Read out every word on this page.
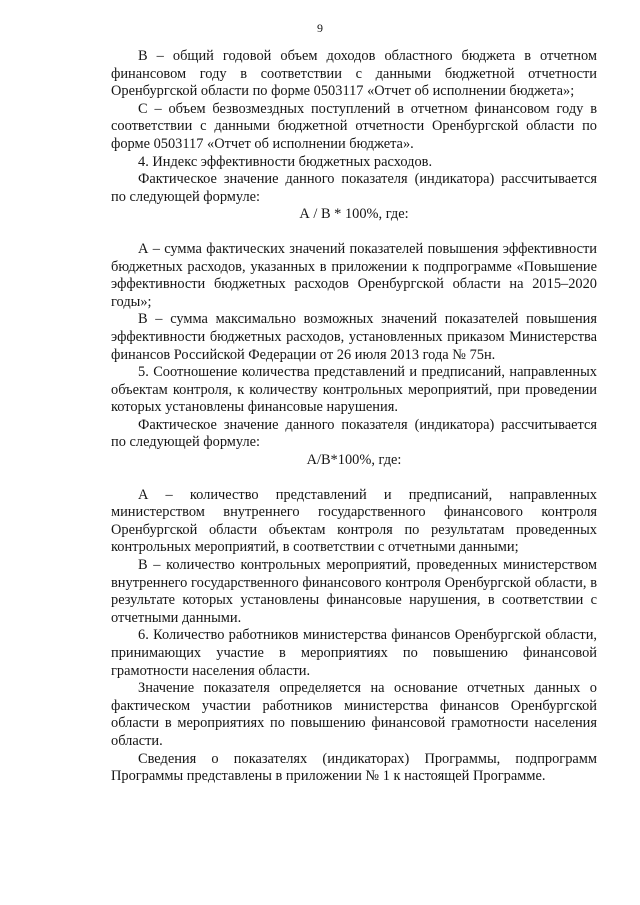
9

В – общий годовой объем доходов областного бюджета в отчетном финансовом году в соответствии с данными бюджетной отчетности Оренбургской области по форме 0503117 «Отчет об исполнении бюджета»;

С – объем безвозмездных поступлений в отчетном финансовом году в соответствии с данными бюджетной отчетности Оренбургской области по форме 0503117 «Отчет об исполнении бюджета».

4. Индекс эффективности бюджетных расходов.

Фактическое значение данного показателя (индикатора) рассчитывается по следующей формуле:

А / В * 100%, где:

А – сумма фактических значений показателей повышения эффективности бюджетных расходов, указанных в приложении к подпрограмме «Повышение эффективности бюджетных расходов Оренбургской области на 2015–2020 годы»;

В – сумма максимально возможных значений показателей повышения эффективности бюджетных расходов, установленных приказом Министерства финансов Российской Федерации от 26 июля 2013 года № 75н.

5. Соотношение количества представлений и предписаний, направленных объектам контроля, к количеству контрольных мероприятий, при проведении которых установлены финансовые нарушения.

Фактическое значение данного показателя (индикатора) рассчитывается по следующей формуле:

А/В*100%, где:

А – количество представлений и предписаний, направленных министерством внутреннего государственного финансового контроля Оренбургской области объектам контроля по результатам проведенных контрольных мероприятий, в соответствии с отчетными данными;

В – количество контрольных мероприятий, проведенных министерством внутреннего государственного финансового контроля Оренбургской области, в результате которых установлены финансовые нарушения, в соответствии с отчетными данными.

6. Количество работников министерства финансов Оренбургской области, принимающих участие в мероприятиях по повышению финансовой грамотности населения области.

Значение показателя определяется на основание отчетных данных о фактическом участии работников министерства финансов Оренбургской области в мероприятиях по повышению финансовой грамотности населения области.

Сведения о показателях (индикаторах) Программы, подпрограмм Программы представлены в приложении № 1 к настоящей Программе.
